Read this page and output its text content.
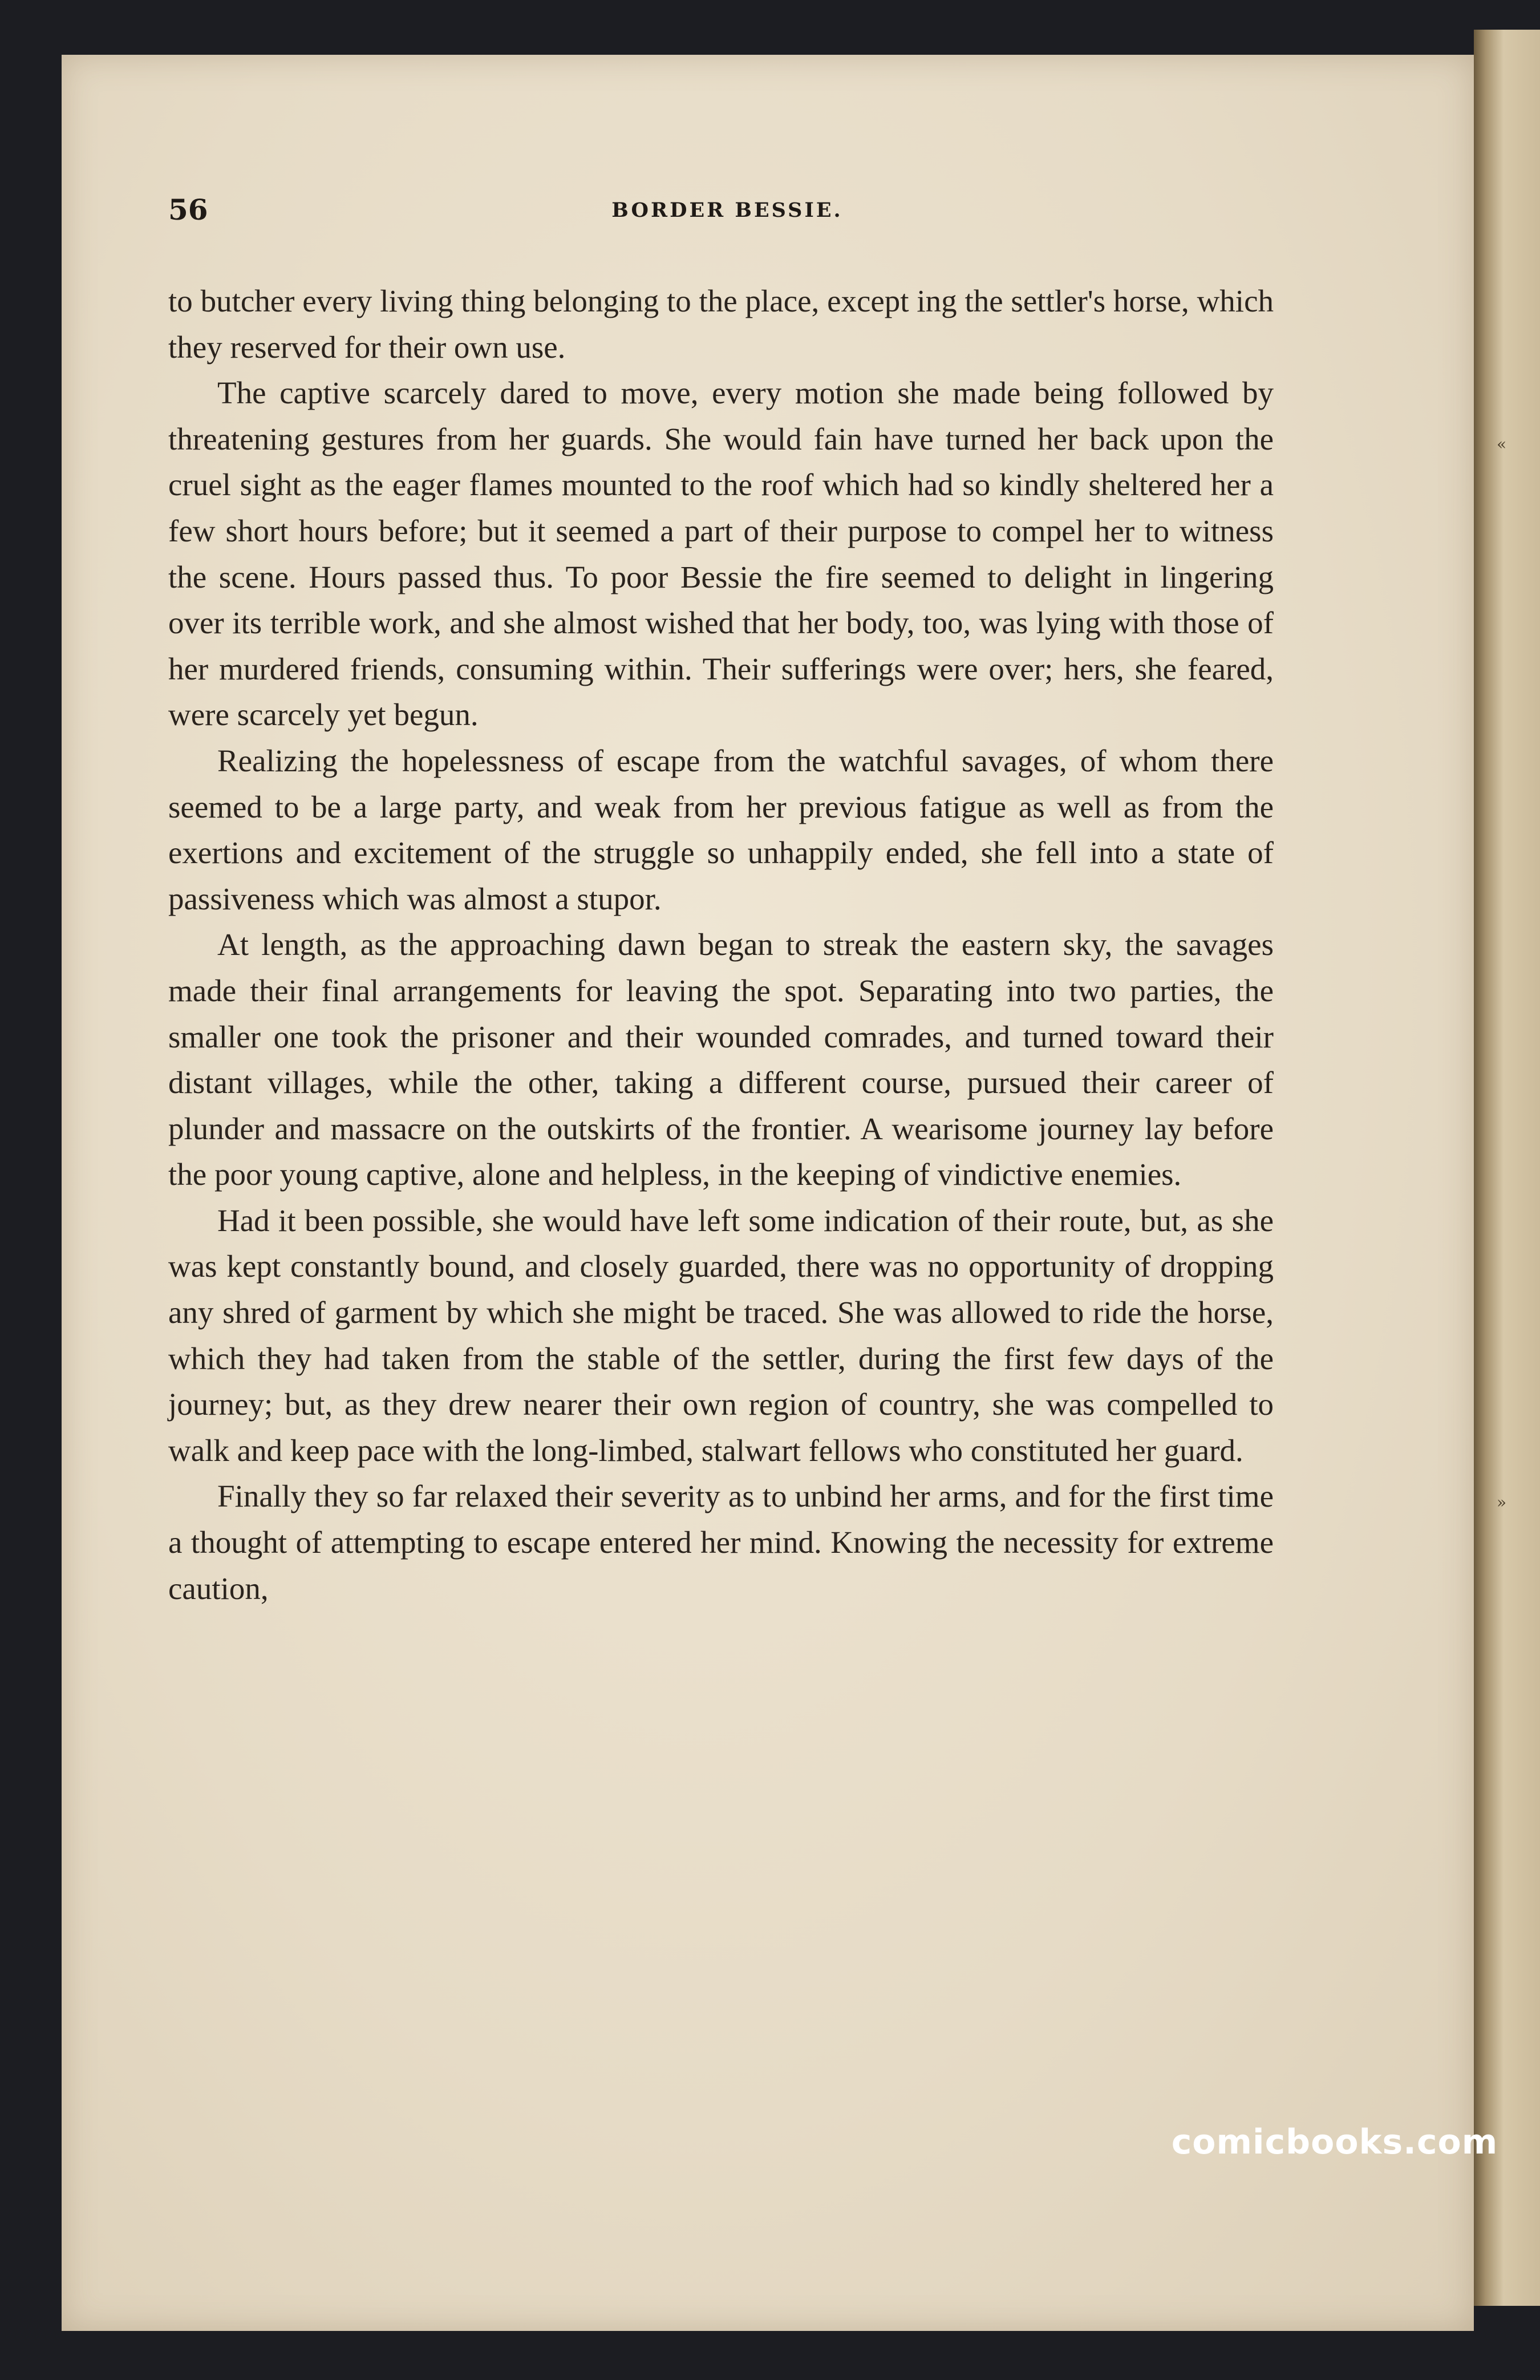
«
»
56	BORDER BESSIE.

to butcher every living thing belonging to the place, except ing the settler's horse, which they reserved for their own use.

The captive scarcely dared to move, every motion she made being followed by threatening gestures from her guards. She would fain have turned her back upon the cruel sight as the eager flames mounted to the roof which had so kindly sheltered her a few short hours before; but it seemed a part of their purpose to compel her to witness the scene. Hours passed thus. To poor Bessie the fire seemed to delight in lingering over its terrible work, and she almost wished that her body, too, was lying with those of her murdered friends, consuming within. Their sufferings were over; hers, she feared, were scarcely yet begun.

Realizing the hopelessness of escape from the watchful savages, of whom there seemed to be a large party, and weak from her previous fatigue as well as from the exertions and excitement of the struggle so unhappily ended, she fell into a state of passiveness which was almost a stupor.

At length, as the approaching dawn began to streak the eastern sky, the savages made their final arrangements for leaving the spot. Separating into two parties, the smaller one took the prisoner and their wounded comrades, and turned toward their distant villages, while the other, taking a different course, pursued their career of plunder and massacre on the outskirts of the frontier. A wearisome journey lay before the poor young captive, alone and helpless, in the keeping of vindictive enemies.

Had it been possible, she would have left some indication of their route, but, as she was kept constantly bound, and closely guarded, there was no opportunity of dropping any shred of garment by which she might be traced. She was allowed to ride the horse, which they had taken from the stable of the settler, during the first few days of the journey; but, as they drew nearer their own region of country, she was compelled to walk and keep pace with the long-limbed, stalwart fellows who constituted her guard.

Finally they so far relaxed their severity as to unbind her arms, and for the first time a thought of attempting to escape entered her mind. Knowing the necessity for extreme caution,

comicbooks.com
